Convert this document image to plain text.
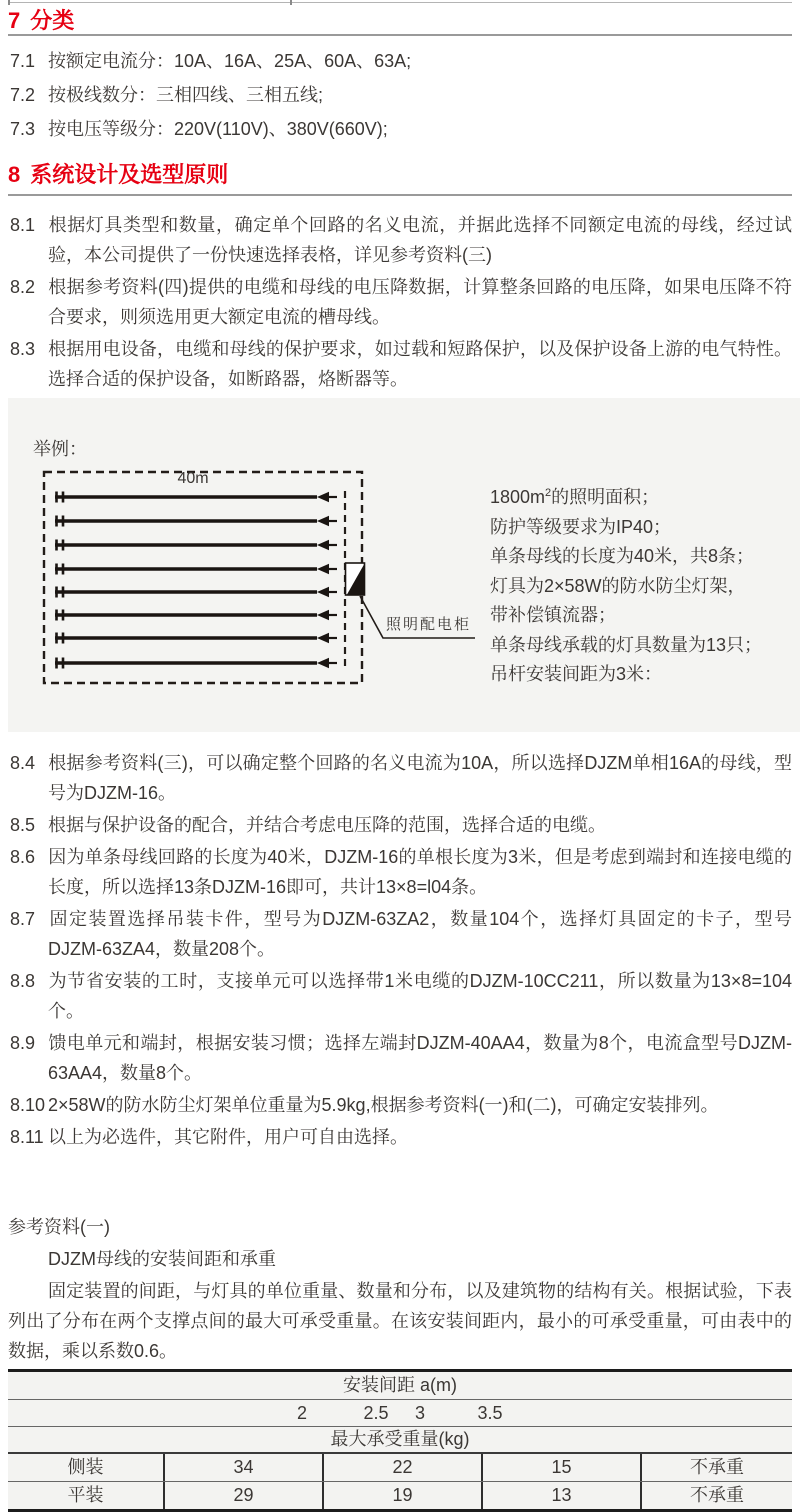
7 分类

7.1 按额定电流分：10A、16A、25A、60A、63A;

7.2 按极线数分：三相四线、三相五线;

7.3 按电压等级分：220V(110V)、380V(660V);

8 系统设计及选型原则

8.1 根据灯具类型和数量，确定单个回路的名义电流，并据此选择不同额定电流的母线，经过试验，本公司提供了一份快速选择表格，详见参考资料(三)

8.2 根据参考资料(四)提供的电缆和母线的电压降数据，计算整条回路的电压降，如果电压降不符合要求，则须选用更大额定电流的槽母线。

8.3 根据用电设备，电缆和母线的保护要求，如过载和短路保护，以及保护设备上游的电气特性。选择合适的保护设备，如断路器，烙断器等。

举例：
40m
照明配电柜
$1800m^2$的照明面积；
防护等级要求为IP40；
单条母线的长度为40米，共8条；
灯具为2×58W的防水防尘灯架，
带补偿镇流器；
单条母线承载的灯具数量为13只；
吊杆安装间距为3米：

8.4 根据参考资料(三)，可以确定整个回路的名义电流为10A，所以选择DJZM单相16A的母线，型号为DJZM-16。

8.5 根据与保护设备的配合，并结合考虑电压降的范围，选择合适的电缆。

8.6 因为单条母线回路的长度为40米，DJZM-16的单根长度为3米，但是考虑到端封和连接电缆的长度，所以选择13条DJZM-16即可，共计13×8=l04条。

8.7 固定装置选择吊装卡件，型号为DJZM-63ZA2，数量104个，选择灯具固定的卡子，型号DJZM-63ZA4，数量208个。

8.8 为节省安装的工时，支接单元可以选择带1米电缆的DJZM-10CC211，所以数量为13×8=104个。

8.9 馈电单元和端封，根据安装习惯；选择左端封DJZM-40AA4，数量为8个，电流盒型号DJZM-63AA4，数量8个。

8.10 2×58W的防水防尘灯架单位重量为5.9kg,根据参考资料(一)和(二)，可确定安装排列。

8.11 以上为必选件，其它附件，用户可自由选择。

参考资料(一)

DJZM母线的安装间距和承重

固定装置的间距，与灯具的单位重量、数量和分布，以及建筑物的结构有关。根据试验，下表列出了分布在两个支撑点间的最大可承受重量。在该安装间距内，最小的可承受重量，可由表中的数据，乘以系数0.6。

安装间距 a(m)
2	2.5 3	3.5
最大承受重量(kg)
侧装	34	22	15	不承重
平装	29	19	13	不承重
